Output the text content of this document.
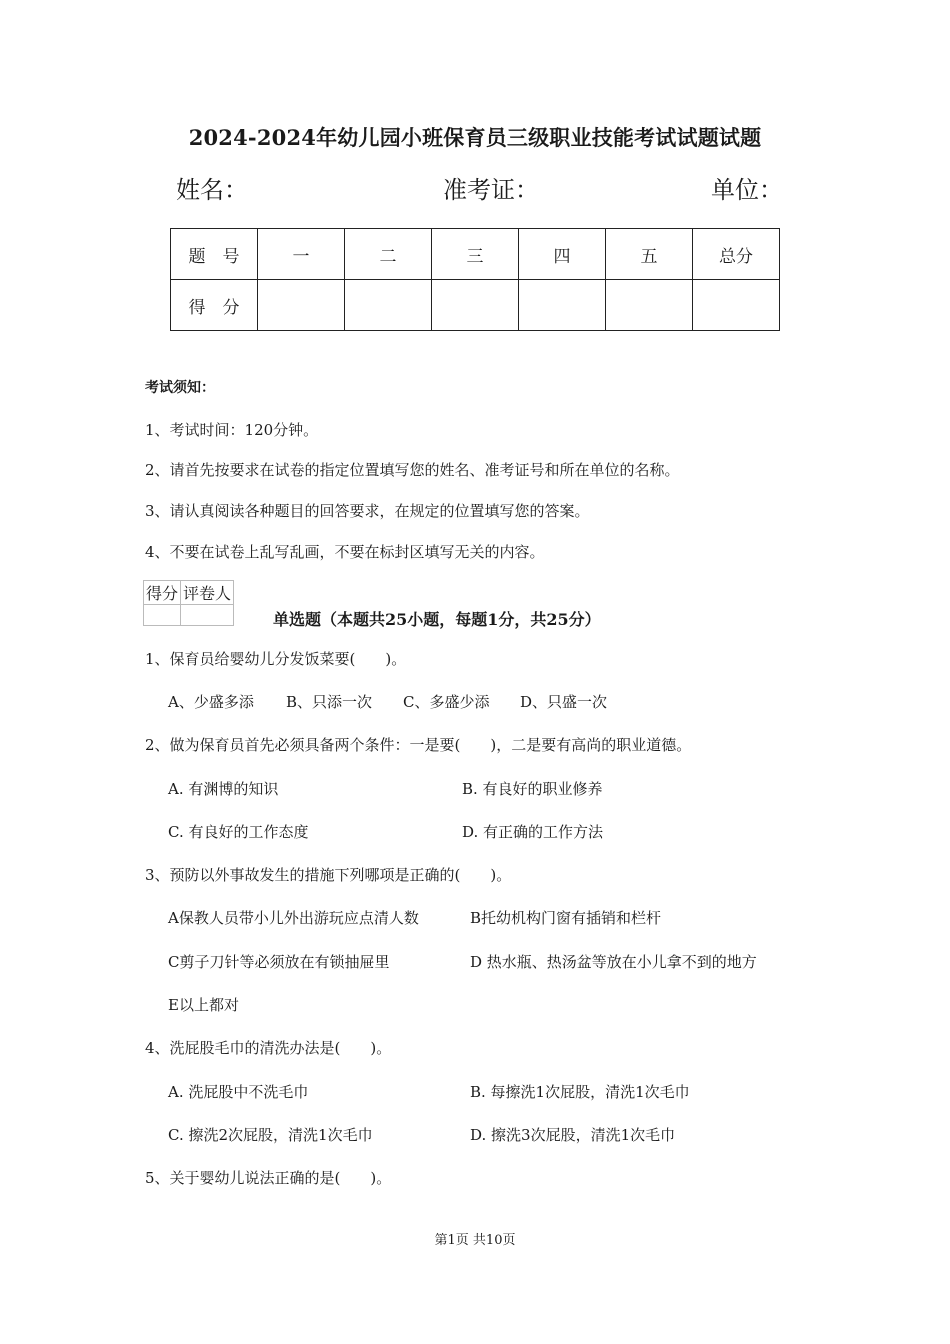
2024-2024年幼儿园小班保育员三级职业技能考试试题试题
姓名：	准考证：	单位：
题　号	一	二	三	四	五	总分
得　分						
考试须知：
1、考试时间：120分钟。
2、请首先按要求在试卷的指定位置填写您的姓名、准考证号和所在单位的名称。
3、请认真阅读各种题目的回答要求，在规定的位置填写您的答案。
4、不要在试卷上乱写乱画，不要在标封区填写无关的内容。
得分	评卷人

单选题（本题共25小题，每题1分，共25分）
1、保育员给婴幼儿分发饭菜要(　　)。
A、少盛多添 B、只添一次 C、多盛少添 D、只盛一次
2、做为保育员首先必须具备两个条件：一是要(　　)，二是要有高尚的职业道德。
A. 有渊博的知识	B. 有良好的职业修养
C. 有良好的工作态度	D. 有正确的工作方法
3、预防以外事故发生的措施下列哪项是正确的(　　)。
A保教人员带小儿外出游玩应点清人数	B托幼机构门窗有插销和栏杆
C剪子刀针等必须放在有锁抽屉里	D 热水瓶、热汤盆等放在小儿拿不到的地方
E以上都对
4、洗屁股毛巾的清洗办法是(　　)。
A. 洗屁股中不洗毛巾	B. 每擦洗1次屁股，清洗1次毛巾
C. 擦洗2次屁股，清洗1次毛巾	D. 擦洗3次屁股，清洗1次毛巾
5、关于婴幼儿说法正确的是(　　)。
第1页 共10页
